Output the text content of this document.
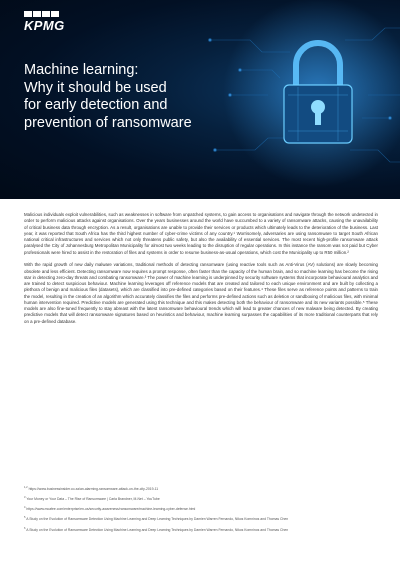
KPMG
Machine learning:
Why it should be used
for early detection and
prevention of ransomware

Malicious individuals exploit vulnerabilities, such as weaknesses in software from unpatched systems, to gain access to organisations and navigate through the network undetected in order to perform malicious attacks against organisations. Over the years businesses around the world have succumbed to a variety of ransomware attacks, causing the unavailability of critical business data through encryption. As a result, organisations are unable to provide their services or products which ultimately leads to the deterioration of the business. Last year, it was reported that South Africa has the third highest number of cyber-crime victims of any country.¹ Worrisomely, adversaries are using ransomware to target South African national critical infrastructures and services which not only threatens public safety, but also the availability of essential services. The most recent high-profile ransomware attack paralysed the City of Johannesburg Metropolitan Municipality for almost two weeks leading to the disruption of regular operations. In this instance the ransom was not paid but Cyber professionals were hired to assist in the restoration of files and systems in order to resume business-as-usual operations, which cost the Municipality up to R50 million.²

With the rapid growth of new daily malware variations, traditional methods of detecting ransomware (using reactive tools such as Anti-Virus (AV) solutions) are slowly becoming obsolete and less efficient. Detecting ransomware now requires a prompt response, often faster than the capacity of the human brain, and so machine learning has become the rising star in detecting zero-day threats and combating ransomware.³ The power of machine learning is underpinned by security software systems that incorporate behavioural analytics and are trained to detect suspicious behaviour. Machine learning leverages off reference models that are created and tailored to each unique environment and are built by collecting a plethora of benign and malicious files (datasets), which are classified into pre-defined categories based on their features.⁴ These files serve as reference points and patterns to train the model, resulting in the creation of an algorithm which accurately classifies the files and performs pre-defined actions such as deletion or sandboxing of malicious files, with minimal human intervention required. Predictive models are generated using this technique and this makes detecting both the behaviour of ransomware and its new variants possible.⁵ These models are also fine-tuned frequently to stay abreast with the latest ransomware behavioural trends which will lead to greater chances of new malware being detected. By creating predictive models that will detect ransomware signatures based on heuristics and behaviour, machine learning surpasses the capabilities of its more traditional counterparts that rely on a pre-defined database.

$^{1,2}$ https://www.businessinsider.co.za/an-alarming-ransomware-attack-on-the-city-2019-11
$^3$ Your Money or Your Data – The Rise of Ransomware | Carla Brandner, M-Net – YouTube
$^4$ https://www.mcafee.com/enterprise/en-us/security-awareness/ransomware/machine-learning-cyber-defense.html
$^5$ A Study on the Evolution of Ransomware Detection Using Machine Learning and Deep Learning Techniques by Damien Warren Fernando, Nikos Komninos and Thomas Chen
$^6$ A Study on the Evolution of Ransomware Detection Using Machine Learning and Deep Learning Techniques by Damien Warren Fernando, Nikos Komninos and Thomas Chen
